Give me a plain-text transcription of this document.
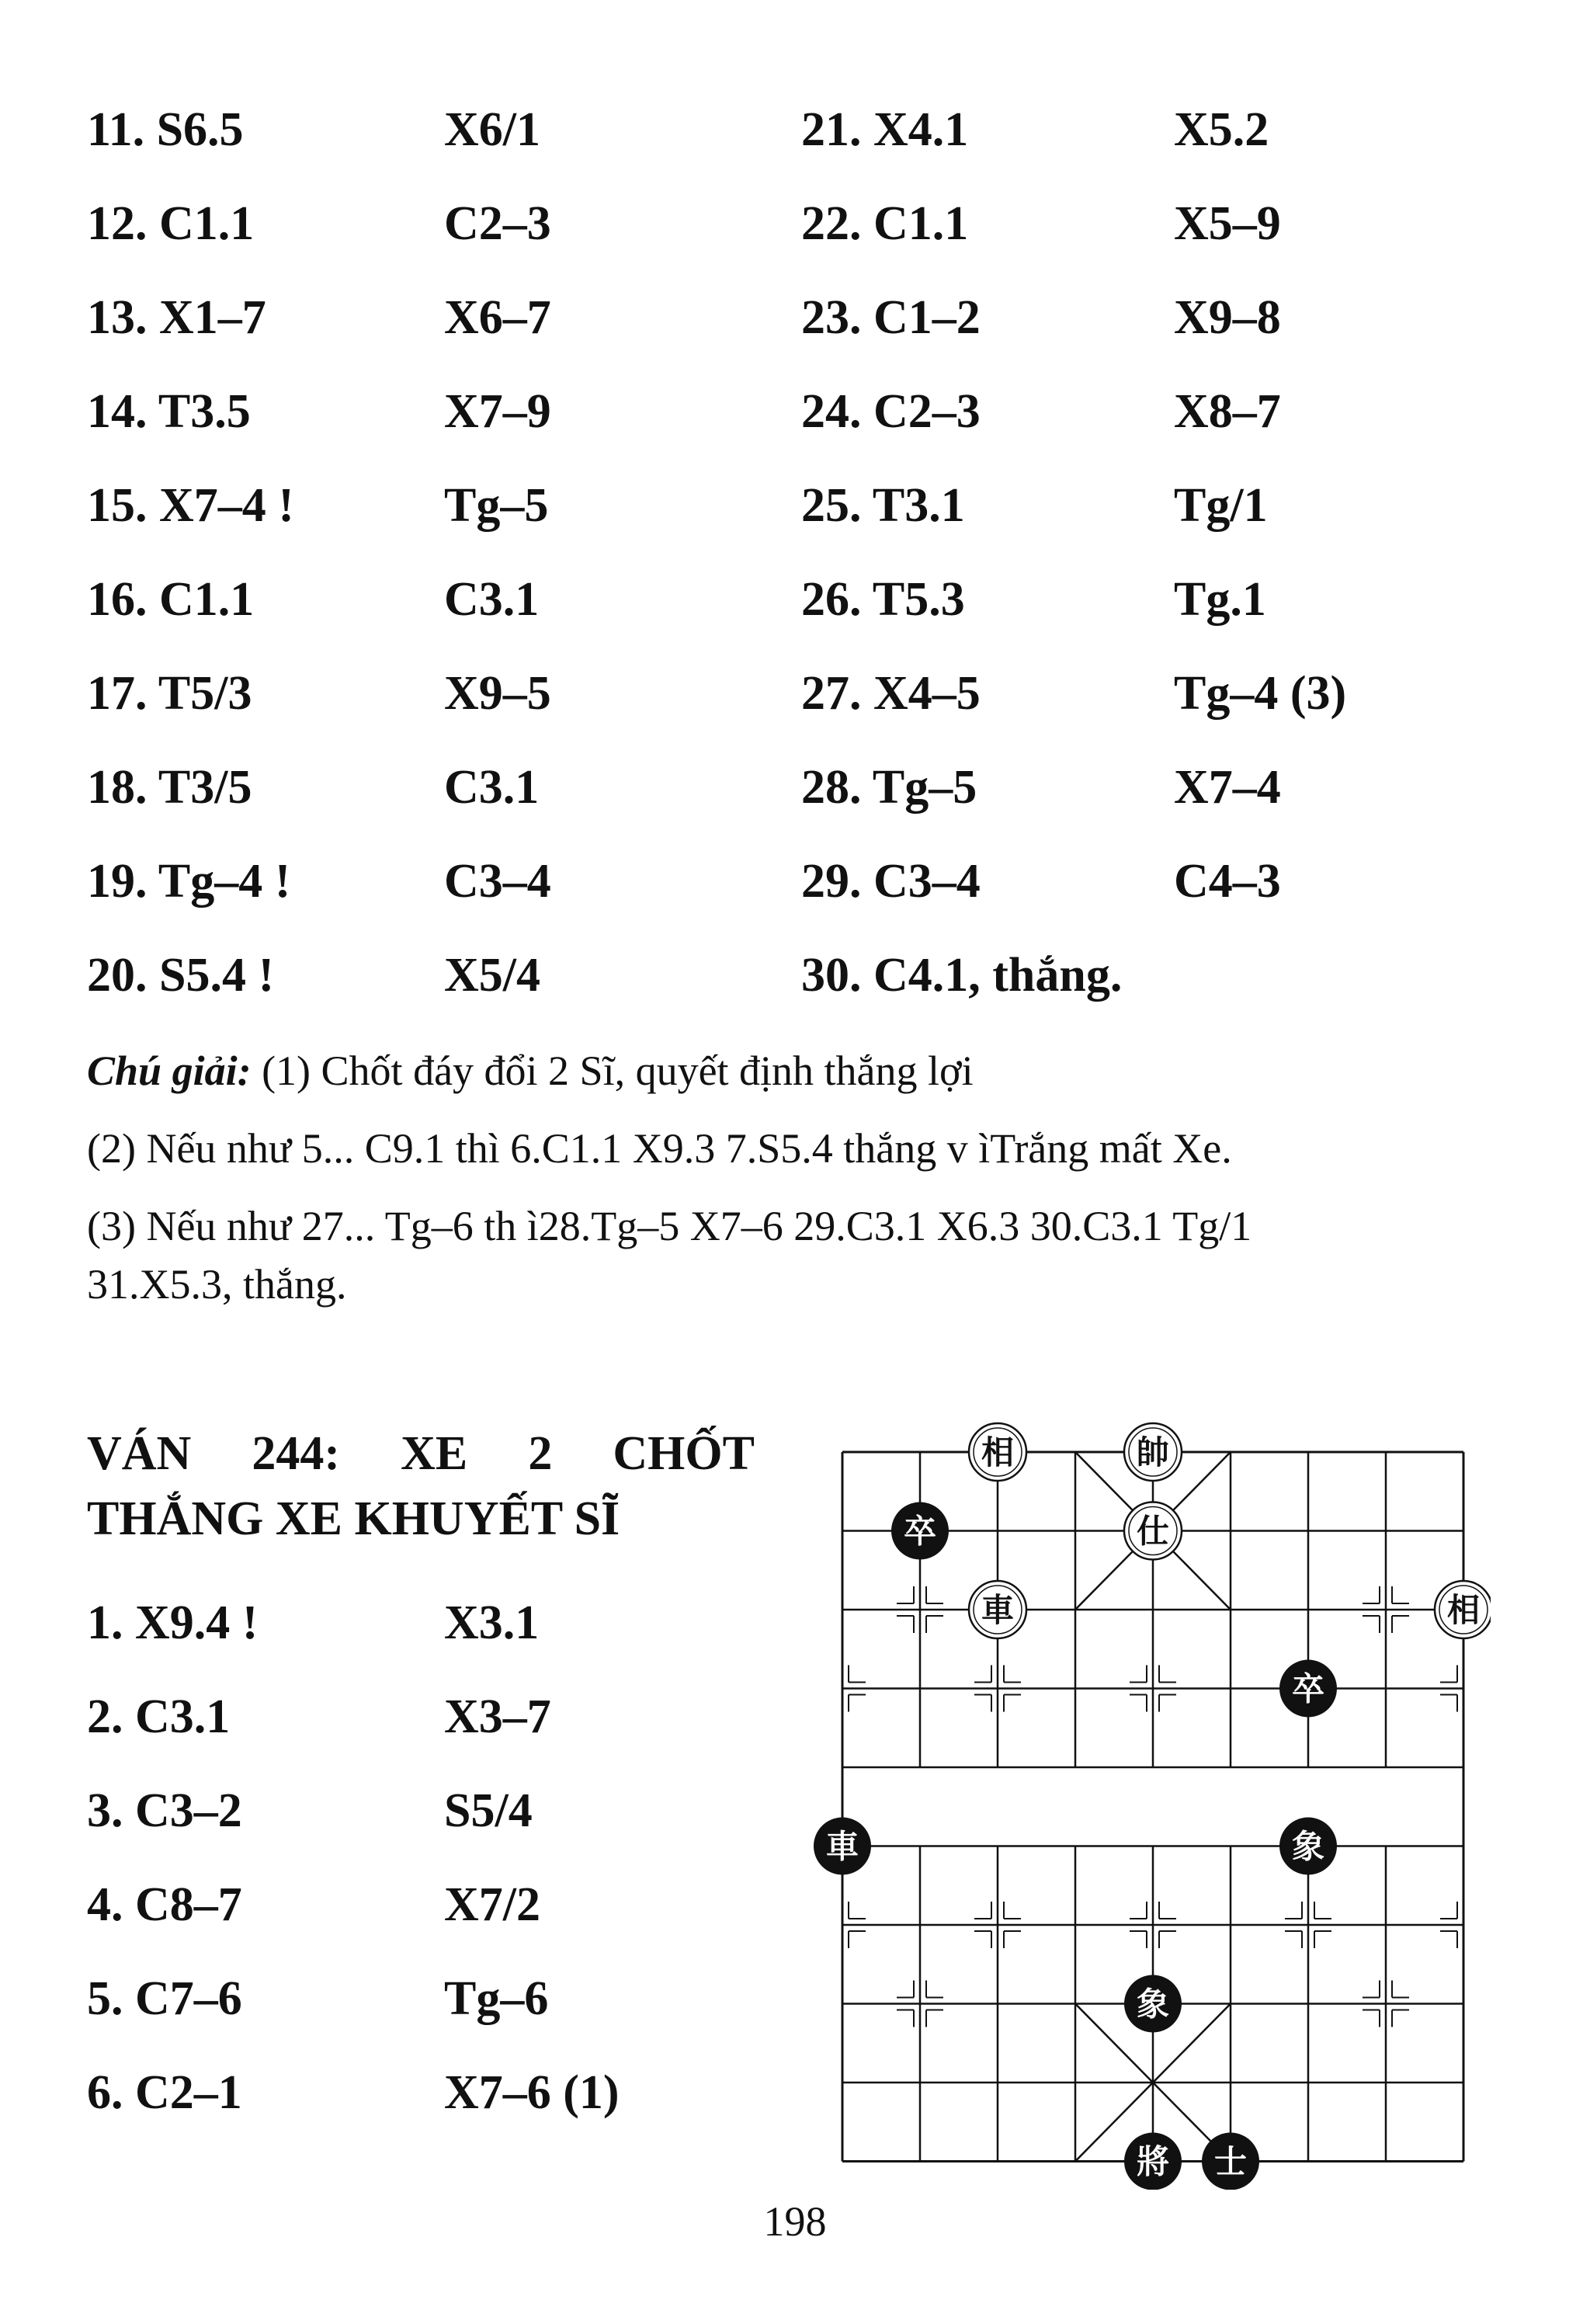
11. S6.5	X6/1	21. X4.1	X5.2
12. C1.1	C2–3	22. C1.1	X5–9
13. X1–7	X6–7	23. C1–2	X9–8
14. T3.5	X7–9	24. C2–3	X8–7
15. X7–4 !	Tg–5	25. T3.1	Tg/1
16. C1.1	C3.1	26. T5.3	Tg.1
17. T5/3	X9–5	27. X4–5	Tg–4 (3)
18. T3/5	C3.1	28. Tg–5	X7–4
19. Tg–4 !	C3–4	29. C3–4	C4–3
20. S5.4 !	X5/4	30. C4.1, thắng.
Chú giải: (1) Chốt đáy đổi 2 Sĩ, quyết định thắng lợi
(2) Nếu như 5... C9.1 thì 6.C1.1 X9.3 7.S5.4 thắng v ìTrắng mất Xe.
(3) Nếu như 27... Tg–6 th ì28.Tg–5 X7–6 29.C3.1 X6.3 30.C3.1 Tg/1
31.X5.3, thắng.
VÁN 244: XE 2 CHỐT
THẮNG XE KHUYẾT SĨ
1. X9.4 !	X3.1
2. C3.1	X3–7
3. C3–2	S5/4
4. C8–7	X7/2
5. C7–6	Tg–6
6. C2–1	X7–6 (1)
相	帥
仕
車	相
卒
卒
車	象
象
將 士
198
